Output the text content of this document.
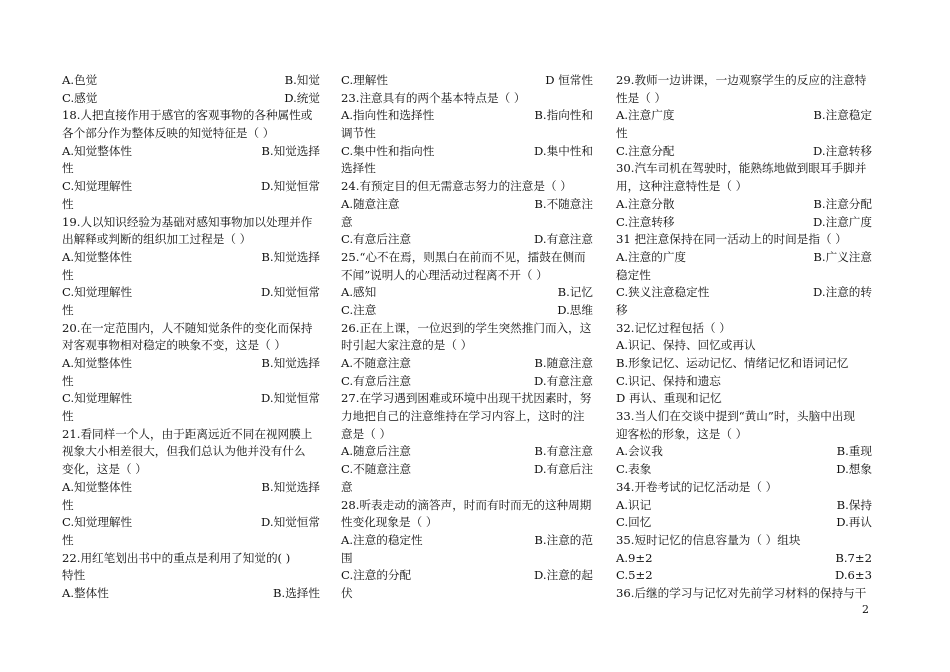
A.色觉	B.知觉
C.感觉	D.统觉
18.人把直接作用于感官的客观事物的各种属性或
各个部分作为整体反映的知觉特征是（ ）
A.知觉整体性	B.知觉选择
性
C.知觉理解性	D.知觉恒常
性
19.人以知识经验为基础对感知事物加以处理并作
出解释或判断的组织加工过程是（ ）
A.知觉整体性	B.知觉选择
性
C.知觉理解性	D.知觉恒常
性
20.在一定范围内，人不随知觉条件的变化而保持
对客观事物相对稳定的映象不变，这是（ ）
A.知觉整体性	B.知觉选择
性
C.知觉理解性	D.知觉恒常
性
21.看同样一个人，由于距离远近不同在视网膜上
视象大小相差很大，但我们总认为他并没有什么
变化，这是（ ）
A.知觉整体性	B.知觉选择
性
C.知觉理解性	D.知觉恒常
性
22.用红笔划出书中的重点是利用了知觉的( )
特性
A.整体性	B.选择性
C.理解性	D 恒常性
23.注意具有的两个基本特点是（ ）
A.指向性和选择性	B.指向性和
调节性
C.集中性和指向性	D.集中性和
选择性
24.有预定目的但无需意志努力的注意是（ ）
A.随意注意	B.不随意注
意
C.有意后注意	D.有意注意
25.“心不在焉，则黑白在前而不见，擂鼓在侧而
不闻”说明人的心理活动过程离不开（ ）
A.感知	B.记忆
C.注意	D.思维
26.正在上课，一位迟到的学生突然推门而入，这
时引起大家注意的是（ ）
A.不随意注意	B.随意注意
C.有意后注意	D.有意注意
27.在学习遇到困难或环境中出现干扰因素时，努
力地把自己的注意维持在学习内容上，这时的注
意是（ ）
A.随意后注意	B.有意注意
C.不随意注意	D.有意后注
意
28.听表走动的滴答声，时而有时而无的这种周期
性变化现象是（ ）
A.注意的稳定性	B.注意的范
围
C.注意的分配	D.注意的起
伏
29.教师一边讲课，一边观察学生的反应的注意特
性是（ ）
A.注意广度	B.注意稳定
性
C.注意分配	D.注意转移
30.汽车司机在驾驶时，能熟练地做到眼耳手脚并
用，这种注意特性是（ ）
A.注意分散	B.注意分配
C.注意转移	D.注意广度
31 把注意保持在同一活动上的时间是指（ ）
A.注意的广度	B.广义注意
稳定性
C.狭义注意稳定性	D.注意的转
移
32.记忆过程包括（ ）
A.识记、保持、回忆或再认
B.形象记忆、运动记忆、情绪记忆和语词记忆
C.识记、保持和遗忘
D 再认、重现和记忆
33.当人们在交谈中提到“黄山”时，头脑中出现
迎客松的形象，这是（ ）
A.会议我	B.重现
C.表象	D.想象
34.开卷考试的记忆活动是（ ）
A.识记	B.保持
C.回忆	D.再认
35.短时记忆的信息容量为（ ）组块
A.9±2	B.7±2
C.5±2	D.6±3
36.后继的学习与记忆对先前学习材料的保持与干
2
